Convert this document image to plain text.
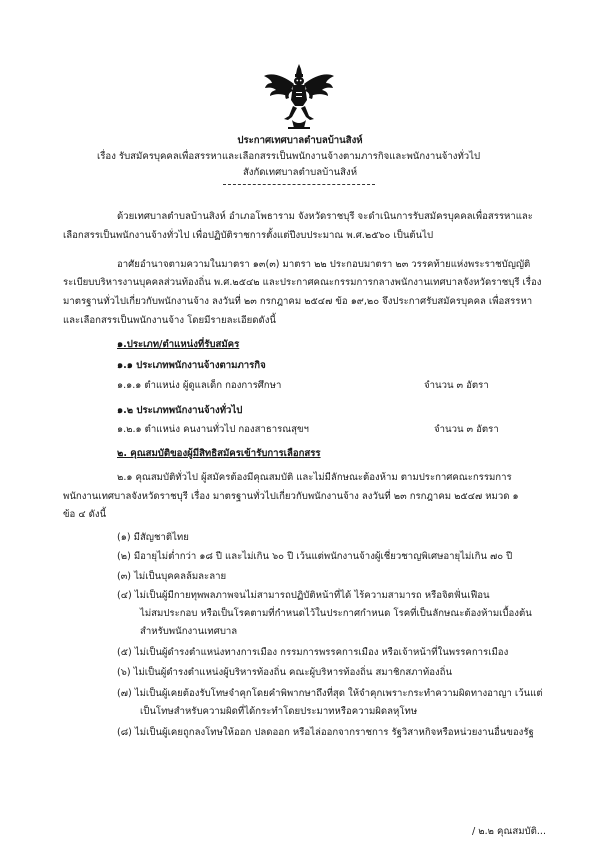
ประกาศเทศบาลตำบลบ้านสิงห์
เรื่อง รับสมัครบุคคลเพื่อสรรหาและเลือกสรรเป็นพนักงานจ้างตามภารกิจและพนักงานจ้างทั่วไป
สังกัดเทศบาลตำบลบ้านสิงห์
ด้วยเทศบาลตำบลบ้านสิงห์ อำเภอโพธาราม จังหวัดราชบุรี จะดำเนินการรับสมัครบุคคลเพื่อสรรหาและ
เลือกสรรเป็นพนักงานจ้างทั่วไป เพื่อปฏิบัติราชการตั้งแต่ปีงบประมาณ พ.ศ.๒๕๖๐ เป็นต้นไป
อาศัยอำนาจตามความในมาตรา ๑๓(๓) มาตรา ๒๒ ประกอบมาตรา ๒๓ วรรคท้ายแห่งพระราชบัญญัติ
ระเบียบบริหารงานบุคคลส่วนท้องถิ่น พ.ศ.๒๕๔๒ และประกาศคณะกรรมการกลางพนักงานเทศบาลจังหวัดราชบุรี เรื่อง
มาตรฐานทั่วไปเกี่ยวกับพนักงานจ้าง ลงวันที่ ๒๓ กรกฎาคม ๒๕๔๗ ข้อ ๑๙,๒๐ จึงประกาศรับสมัครบุคคล เพื่อสรรหา
และเลือกสรรเป็นพนักงานจ้าง โดยมีรายละเอียดดังนี้
๑.ประเภท/ตำแหน่งที่รับสมัคร
๑.๑ ประเภทพนักงานจ้างตามภารกิจ
๑.๑.๑ ตำแหน่ง ผู้ดูแลเด็ก กองการศึกษา	จำนวน ๓ อัตรา
๑.๒ ประเภทพนักงานจ้างทั่วไป
๑.๒.๑ ตำแหน่ง คนงานทั่วไป กองสาธารณสุขฯ	จำนวน ๓ อัตรา
๒. คุณสมบัติของผู้มีสิทธิสมัครเข้ารับการเลือกสรร
๒.๑ คุณสมบัติทั่วไป ผู้สมัครต้องมีคุณสมบัติ และไม่มีลักษณะต้องห้าม ตามประกาศคณะกรรมการ
พนักงานเทศบาลจังหวัดราชบุรี เรื่อง มาตรฐานทั่วไปเกี่ยวกับพนักงานจ้าง ลงวันที่ ๒๓ กรกฎาคม ๒๕๔๗ หมวด ๑
ข้อ ๔ ดังนี้
(๑) มีสัญชาติไทย
(๒) มีอายุไม่ต่ำกว่า ๑๘ ปี และไม่เกิน ๖๐ ปี เว้นแต่พนักงานจ้างผู้เชี่ยวชาญพิเศษอายุไม่เกิน ๗๐ ปี
(๓) ไม่เป็นบุคคลล้มละลาย
(๔) ไม่เป็นผู้มีกายทุพพลภาพจนไม่สามารถปฏิบัติหน้าที่ได้ ไร้ความสามารถ หรือจิตฟั่นเฟือน
ไม่สมประกอบ หรือเป็นโรคตามที่กำหนดไว้ในประกาศกำหนด โรคที่เป็นลักษณะต้องห้ามเบื้องต้น
สำหรับพนักงานเทศบาล
(๕) ไม่เป็นผู้ดำรงตำแหน่งทางการเมือง กรรมการพรรคการเมือง หรือเจ้าหน้าที่ในพรรคการเมือง
(๖) ไม่เป็นผู้ดำรงตำแหน่งผู้บริหารท้องถิ่น คณะผู้บริหารท้องถิ่น สมาชิกสภาท้องถิ่น
(๗) ไม่เป็นผู้เคยต้องรับโทษจำคุกโดยคำพิพากษาถึงที่สุด ให้จำคุกเพราะกระทำความผิดทางอาญา เว้นแต่
เป็นโทษสำหรับความผิดที่ได้กระทำโดยประมาทหรือความผิดลหุโทษ
(๘) ไม่เป็นผู้เคยถูกลงโทษให้ออก ปลดออก หรือไล่ออกจากราชการ รัฐวิสาหกิจหรือหน่วยงานอื่นของรัฐ
/ ๒.๒ คุณสมบัติ...
